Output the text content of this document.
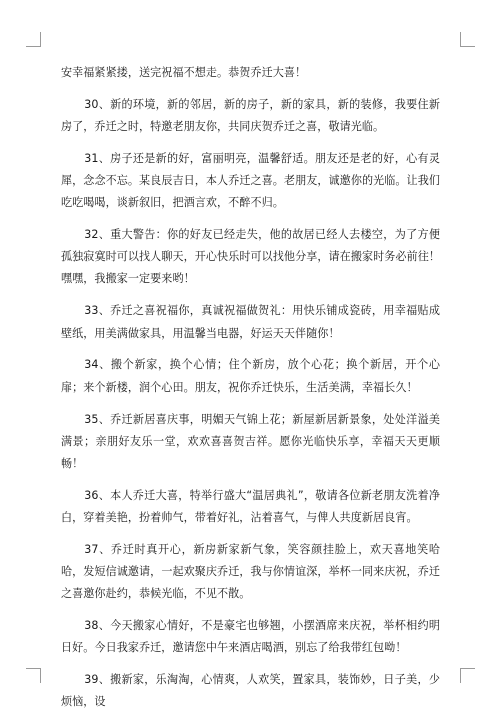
安幸福紧紧搂，送完祝福不想走。恭贺乔迁大喜！

30、新的环境，新的邻居，新的房子，新的家具，新的装修，我要住新房了，乔迁之时，特邀老朋友你，共同庆贺乔迁之喜，敬请光临。

31、房子还是新的好，富丽明亮，温馨舒适。朋友还是老的好，心有灵犀，念念不忘。某良辰吉日，本人乔迁之喜。老朋友，诚邀你的光临。让我们吃吃喝喝，谈新叙旧，把酒言欢，不醉不归。

32、重大警告：你的好友已经走失，他的故居已经人去楼空，为了方便孤独寂寞时可以找人聊天，开心快乐时可以找他分享，请在搬家时务必前往！嘿嘿，我搬家一定要来哟！

33、乔迁之喜祝福你，真诚祝福做贺礼：用快乐铺成瓷砖，用幸福贴成壁纸，用美满做家具，用温馨当电器，好运天天伴随你！

34、搬个新家，换个心情；住个新房，放个心花；换个新居，开个心扉；来个新楼，润个心田。朋友，祝你乔迁快乐，生活美满，幸福长久！

35、乔迁新居喜庆事，明媚天气锦上花；新屋新居新景象，处处洋溢美满景；亲朋好友乐一堂，欢欢喜喜贺吉祥。愿你光临快乐享，幸福天天更顺畅！

36、本人乔迁大喜，特举行盛大“温居典礼”，敬请各位新老朋友洗着净白，穿着美艳，扮着帅气，带着好礼，沾着喜气，与俾人共度新居良宵。

37、乔迁时真开心，新房新家新气象，笑容颜挂脸上，欢天喜地笑哈哈，发短信诚邀请，一起欢聚庆乔迁，我与你情谊深，举杯一同来庆祝，乔迁之喜邀你赴约，恭候光临，不见不散。

38、今天搬家心情好，不是豪宅也够翘，小摆酒席来庆祝，举杯相约明日好。今日我家乔迁，邀请您中午来酒店喝酒，别忘了给我带红包呦！

39、搬新家，乐淘淘，心情爽，人欢笑，置家具，装饰妙，日子美，少烦恼，设
